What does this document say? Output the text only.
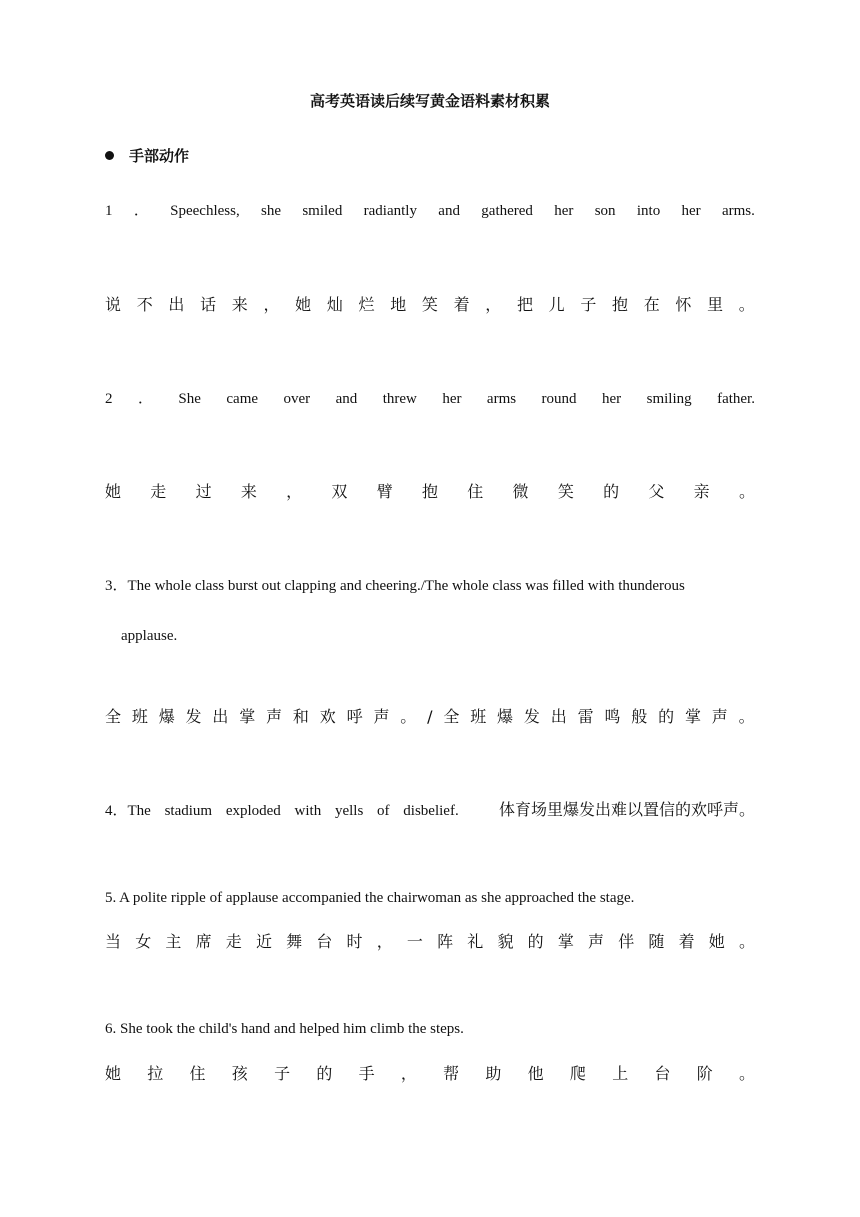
高考英语读后续写黄金语料素材积累
手部动作
1 ． Speechless, she smiled radiantly and gathered her son into her arms.
说 不 出 话 来 ， 她 灿 烂 地 笑 着 ， 把 儿 子 抱 在 怀 里 。
2 ． She came over and threw her arms round her smiling father.
她 走 过 来 ， 双 臂 抱 住 微 笑 的 父 亲 。
3．The whole class burst out clapping and cheering./The whole class was filled with thunderous
applause.
全 班 爆 发 出 掌 声 和 欢 呼 声 。 / 全 班 爆 发 出 雷 鸣 般 的 掌 声 。
4．The stadium exploded with yells of disbelief.	体育场里爆发出难以置信的欢呼声。
5. A polite ripple of applause accompanied the chairwoman as she approached the stage.
当 女 主 席 走 近 舞 台 时 ， 一 阵 礼 貌 的 掌 声 伴 随 着 她 。
6. She took the child's hand and helped him climb the steps.
她 拉 住 孩 子 的 手 ， 帮 助 他 爬 上 台 阶 。
